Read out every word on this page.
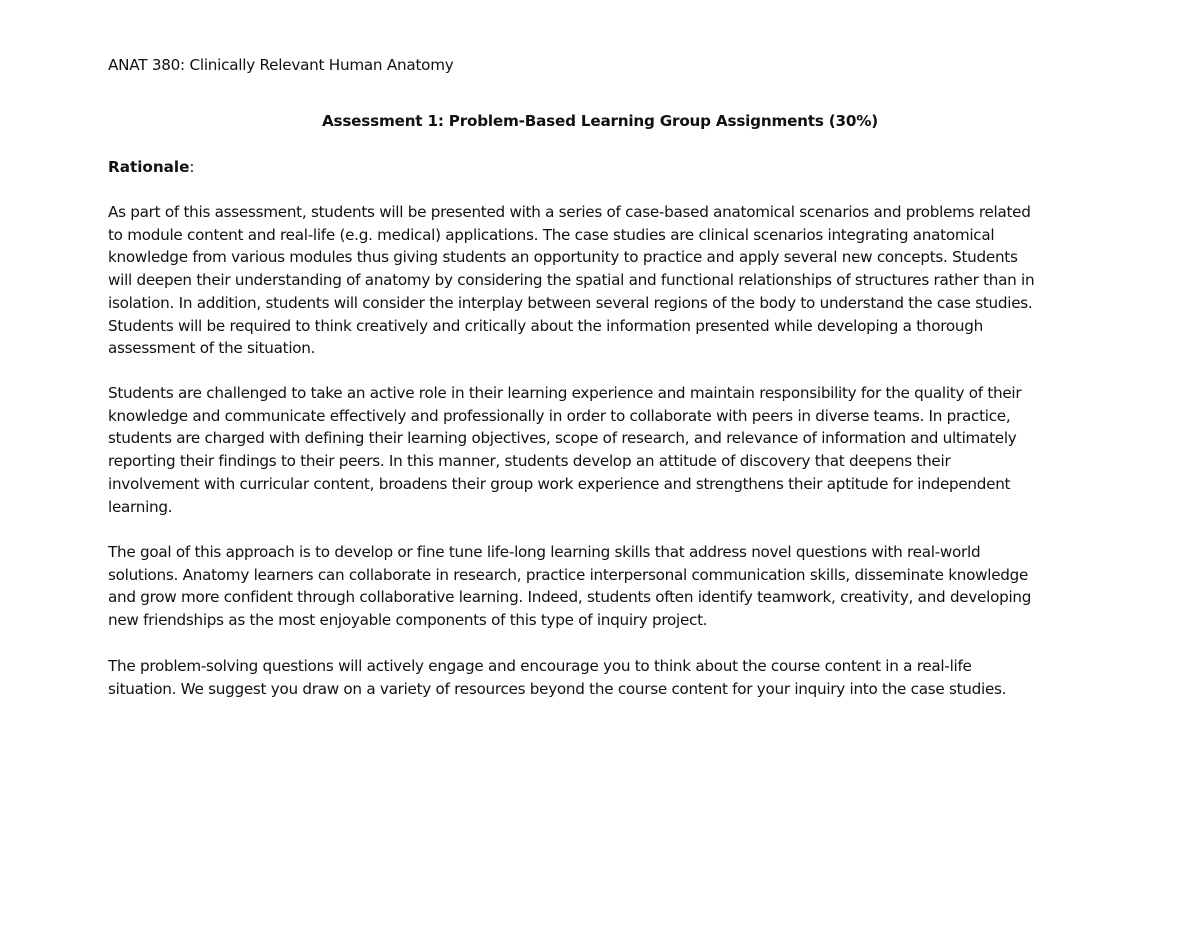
ANAT 380: Clinically Relevant Human Anatomy
Assessment 1: Problem-Based Learning Group Assignments (30%)
Rationale:
As part of this assessment, students will be presented with a series of case-based anatomical scenarios and problems related
to module content and real-life (e.g. medical) applications. The case studies are clinical scenarios integrating anatomical
knowledge from various modules thus giving students an opportunity to practice and apply several new concepts. Students
will deepen their understanding of anatomy by considering the spatial and functional relationships of structures rather than in
isolation. In addition, students will consider the interplay between several regions of the body to understand the case studies.
Students will be required to think creatively and critically about the information presented while developing a thorough
assessment of the situation.
Students are challenged to take an active role in their learning experience and maintain responsibility for the quality of their
knowledge and communicate effectively and professionally in order to collaborate with peers in diverse teams. In practice,
students are charged with defining their learning objectives, scope of research, and relevance of information and ultimately
reporting their findings to their peers. In this manner, students develop an attitude of discovery that deepens their
involvement with curricular content, broadens their group work experience and strengthens their aptitude for independent
learning.
The goal of this approach is to develop or fine tune life-long learning skills that address novel questions with real-world
solutions. Anatomy learners can collaborate in research, practice interpersonal communication skills, disseminate knowledge
and grow more confident through collaborative learning. Indeed, students often identify teamwork, creativity, and developing
new friendships as the most enjoyable components of this type of inquiry project.
The problem-solving questions will actively engage and encourage you to think about the course content in a real-life
situation. We suggest you draw on a variety of resources beyond the course content for your inquiry into the case studies.
